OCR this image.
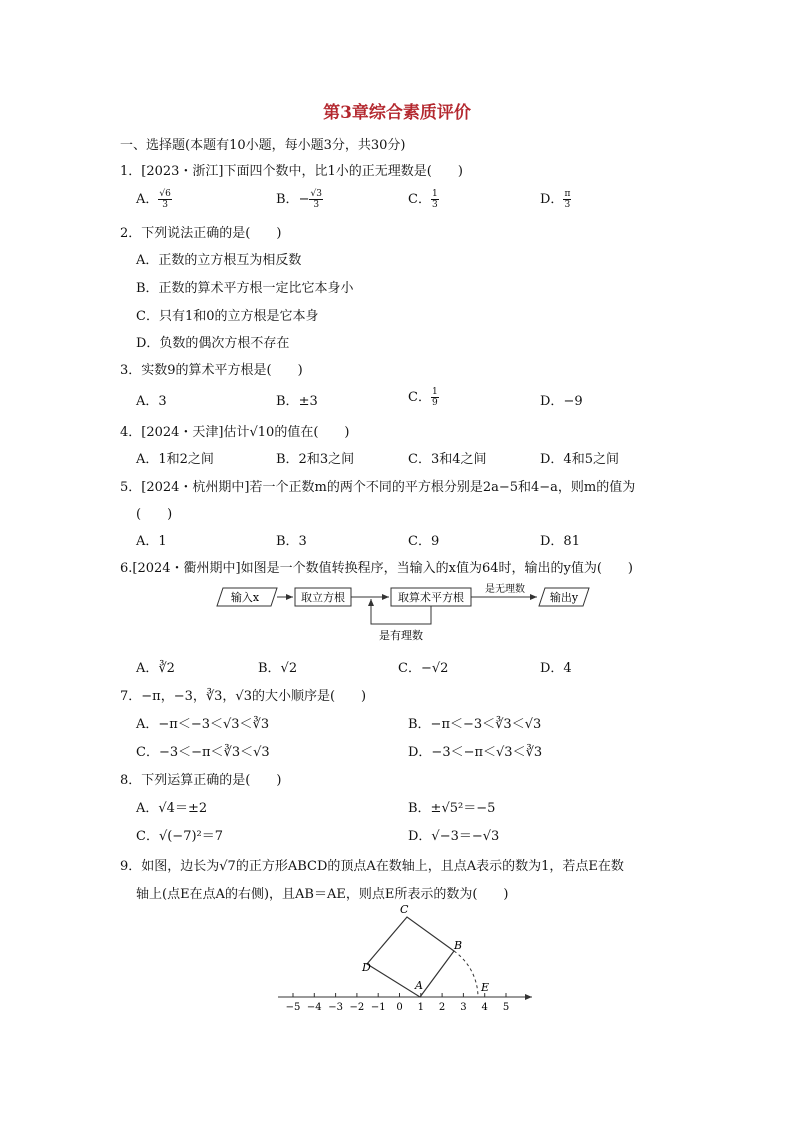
第3章综合素质评价
一、选择题(本题有10小题，每小题3分，共30分)
1．[2023・浙江]下面四个数中，比1小的正无理数是(　　)
A． $\frac{√6}{3}$	B．− $\frac{√3}{3}$	C． $\frac{1}{3}$	D． $\frac{\pi}{3}$
2．下列说法正确的是(　　)
A．正数的立方根互为相反数
B．正数的算术平方根一定比它本身小
C．只有1和0的立方根是它本身
D．负数的偶次方根不存在
3．实数9的算术平方根是(　　)
A．3	B．±3	C． $\frac{1}{9}$	D．−9
4．[2024・天津]估计√10的值在(　　)
A．1和2之间	B．2和3之间	C．3和4之间	D．4和5之间
5．[2024・杭州期中]若一个正数m的两个不同的平方根分别是2a−5和4−a，则m的值为
(　　)
A．1	B．3	C．9	D．81
6.[2024・衢州期中]如图是一个数值转换程序，当输入的x值为64时，输出的y值为(　　)
输入x	取立方根	取算术平方根
是无理数
输出y
是有理数
A．∛2	B．√2	C．−√2	D．4
7．−π，−3，∛3，√3的大小顺序是(　　)
A．−π＜−3＜√3＜∛3	B．−π＜−3＜∛3＜√3
C．−3＜−π＜∛3＜√3	D．−3＜−π＜√3＜∛3
8．下列运算正确的是(　　)
A．√4＝±2	B．±√5²＝−5
C．√(−7)²＝7	D．√−3＝−√3
9．如图，边长为√7的正方形ABCD的顶点A在数轴上，且点A表示的数为1，若点E在数
轴上(点E在点A的右侧)，且AB＝AE，则点E所表示的数为(　　)
−5 −4 −3 −2 −1 0 1 2 3 4 5
A
B
C
D
E
